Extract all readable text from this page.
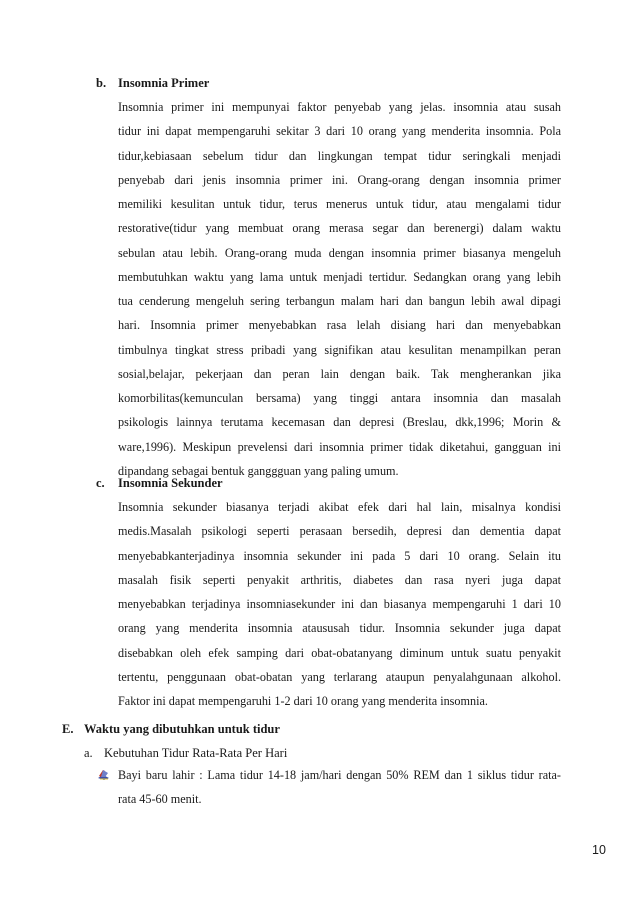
b. Insomnia Primer
Insomnia primer ini mempunyai faktor penyebab yang jelas. insomnia atau susah
tidur ini dapat mempengaruhi sekitar 3 dari 10 orang yang menderita insomnia. Pola
tidur,kebiasaan sebelum tidur dan lingkungan tempat tidur seringkali menjadi
penyebab dari jenis insomnia primer ini. Orang-orang dengan insomnia primer
memiliki kesulitan untuk tidur, terus menerus untuk tidur, atau mengalami tidur
restorative(tidur yang membuat orang merasa segar dan berenergi) dalam waktu
sebulan atau lebih. Orang-orang muda dengan insomnia primer biasanya mengeluh
membutuhkan waktu yang lama untuk menjadi tertidur. Sedangkan orang yang lebih
tua cenderung mengeluh sering terbangun malam hari dan bangun lebih awal dipagi
hari. Insomnia primer menyebabkan rasa lelah disiang hari dan menyebabkan
timbulnya tingkat stress pribadi yang signifikan atau kesulitan menampilkan peran
sosial,belajar, pekerjaan dan peran lain dengan baik. Tak mengherankan jika
komorbilitas(kemunculan bersama) yang tinggi antara insomnia dan masalah
psikologis lainnya terutama kecemasan dan depresi (Breslau, dkk,1996; Morin &
ware,1996). Meskipun prevelensi dari insomnia primer tidak diketahui, gangguan ini
dipandang sebagai bentuk ganggguan yang paling umum.
c. Insomnia Sekunder
Insomnia sekunder biasanya terjadi akibat efek dari hal lain, misalnya kondisi
medis.Masalah psikologi seperti perasaan bersedih, depresi dan dementia dapat
menyebabkanterjadinya insomnia sekunder ini pada 5 dari 10 orang. Selain itu
masalah fisik seperti penyakit arthritis, diabetes dan rasa nyeri juga dapat
menyebabkan terjadinya insomniasekunder ini dan biasanya mempengaruhi 1 dari 10
orang yang menderita insomnia ataususah tidur. Insomnia sekunder juga dapat
disebabkan oleh efek samping dari obat-obatanyang diminum untuk suatu penyakit
tertentu, penggunaan obat-obatan yang terlarang ataupun penyalahgunaan alkohol.
Faktor ini dapat mempengaruhi 1-2 dari 10 orang yang menderita insomnia.
E. Waktu yang dibutuhkan untuk tidur
a. Kebutuhan Tidur Rata-Rata Per Hari
Bayi baru lahir : Lama tidur 14-18 jam/hari dengan 50% REM dan 1 siklus tidur rata-
rata 45-60 menit.
10
